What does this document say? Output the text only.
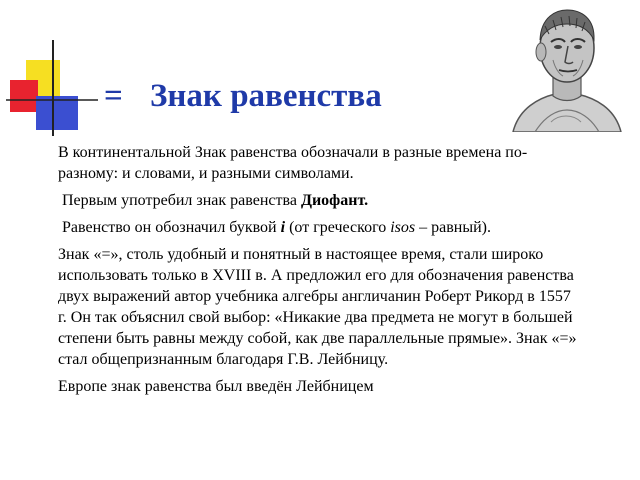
= Знак равенства

В континентальной Знак равенства обозначали в разные времена по- разному: и словами, и разными символами.

Первым употребил знак равенства Диофант.

Равенство он обозначил буквой i (от греческого isos – равный).

Знак «=», столь удобный и понятный в настоящее время, стали широко использовать только в XVIII в. А предложил его для обозначения равенства двух выражений автор учебника алгебры англичанин Роберт Рикорд в 1557 г. Он так объяснил свой выбор: «Никакие два предмета не могут в большей степени быть равны между собой, как две параллельные прямые». Знак «=» стал общепризнанным благодаря Г.В. Лейбницу.

Европе знак равенства был введён Лейбницем
